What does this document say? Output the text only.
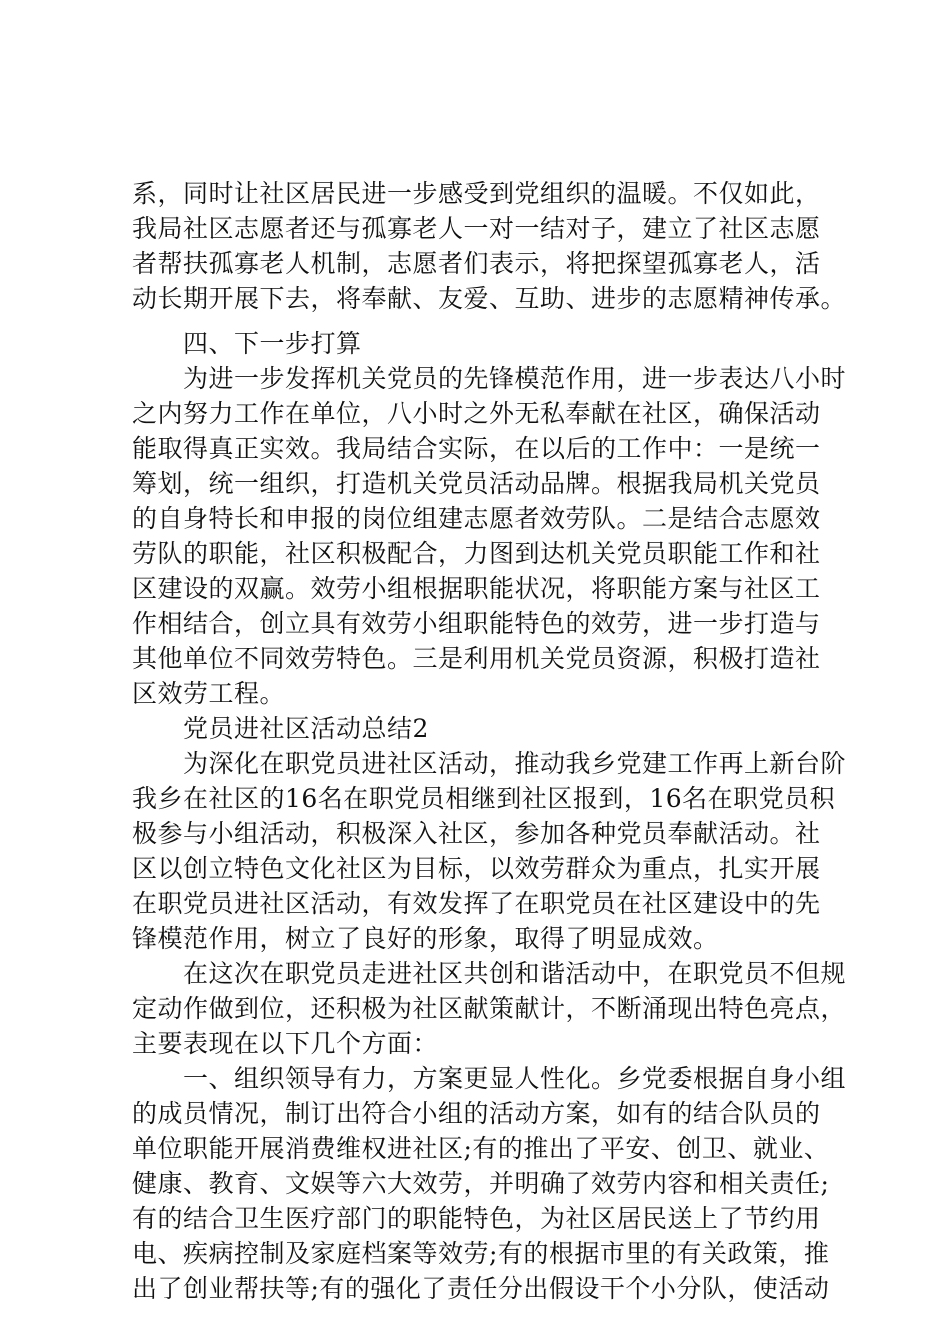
系，同时让社区居民进一步感受到党组织的温暖。不仅如此，
我局社区志愿者还与孤寡老人一对一结对子，建立了社区志愿
者帮扶孤寡老人机制，志愿者们表示，将把探望孤寡老人，活
动长期开展下去，将奉献、友爱、互助、进步的志愿精神传承。
　　四、下一步打算
　　为进一步发挥机关党员的先锋模范作用，进一步表达八小时
之内努力工作在单位，八小时之外无私奉献在社区，确保活动
能取得真正实效。我局结合实际，在以后的工作中：一是统一
筹划，统一组织，打造机关党员活动品牌。根据我局机关党员
的自身特长和申报的岗位组建志愿者效劳队。二是结合志愿效
劳队的职能，社区积极配合，力图到达机关党员职能工作和社
区建设的双赢。效劳小组根据职能状况，将职能方案与社区工
作相结合，创立具有效劳小组职能特色的效劳，进一步打造与
其他单位不同效劳特色。三是利用机关党员资源，积极打造社
区效劳工程。
　　党员进社区活动总结2
　　为深化在职党员进社区活动，推动我乡党建工作再上新台阶
我乡在社区的16名在职党员相继到社区报到，16名在职党员积
极参与小组活动，积极深入社区，参加各种党员奉献活动。社
区以创立特色文化社区为目标，以效劳群众为重点，扎实开展
在职党员进社区活动，有效发挥了在职党员在社区建设中的先
锋模范作用，树立了良好的形象，取得了明显成效。
　　在这次在职党员走进社区共创和谐活动中，在职党员不但规
定动作做到位，还积极为社区献策献计，不断涌现出特色亮点，
主要表现在以下几个方面：
　　一、组织领导有力，方案更显人性化。乡党委根据自身小组
的成员情况，制订出符合小组的活动方案，如有的结合队员的
单位职能开展消费维权进社区;有的推出了平安、创卫、就业、
健康、教育、文娱等六大效劳，并明确了效劳内容和相关责任;
有的结合卫生医疗部门的职能特色，为社区居民送上了节约用
电、疾病控制及家庭档案等效劳;有的根据市里的有关政策，推
出了创业帮扶等;有的强化了责任分出假设干个小分队，使活动
